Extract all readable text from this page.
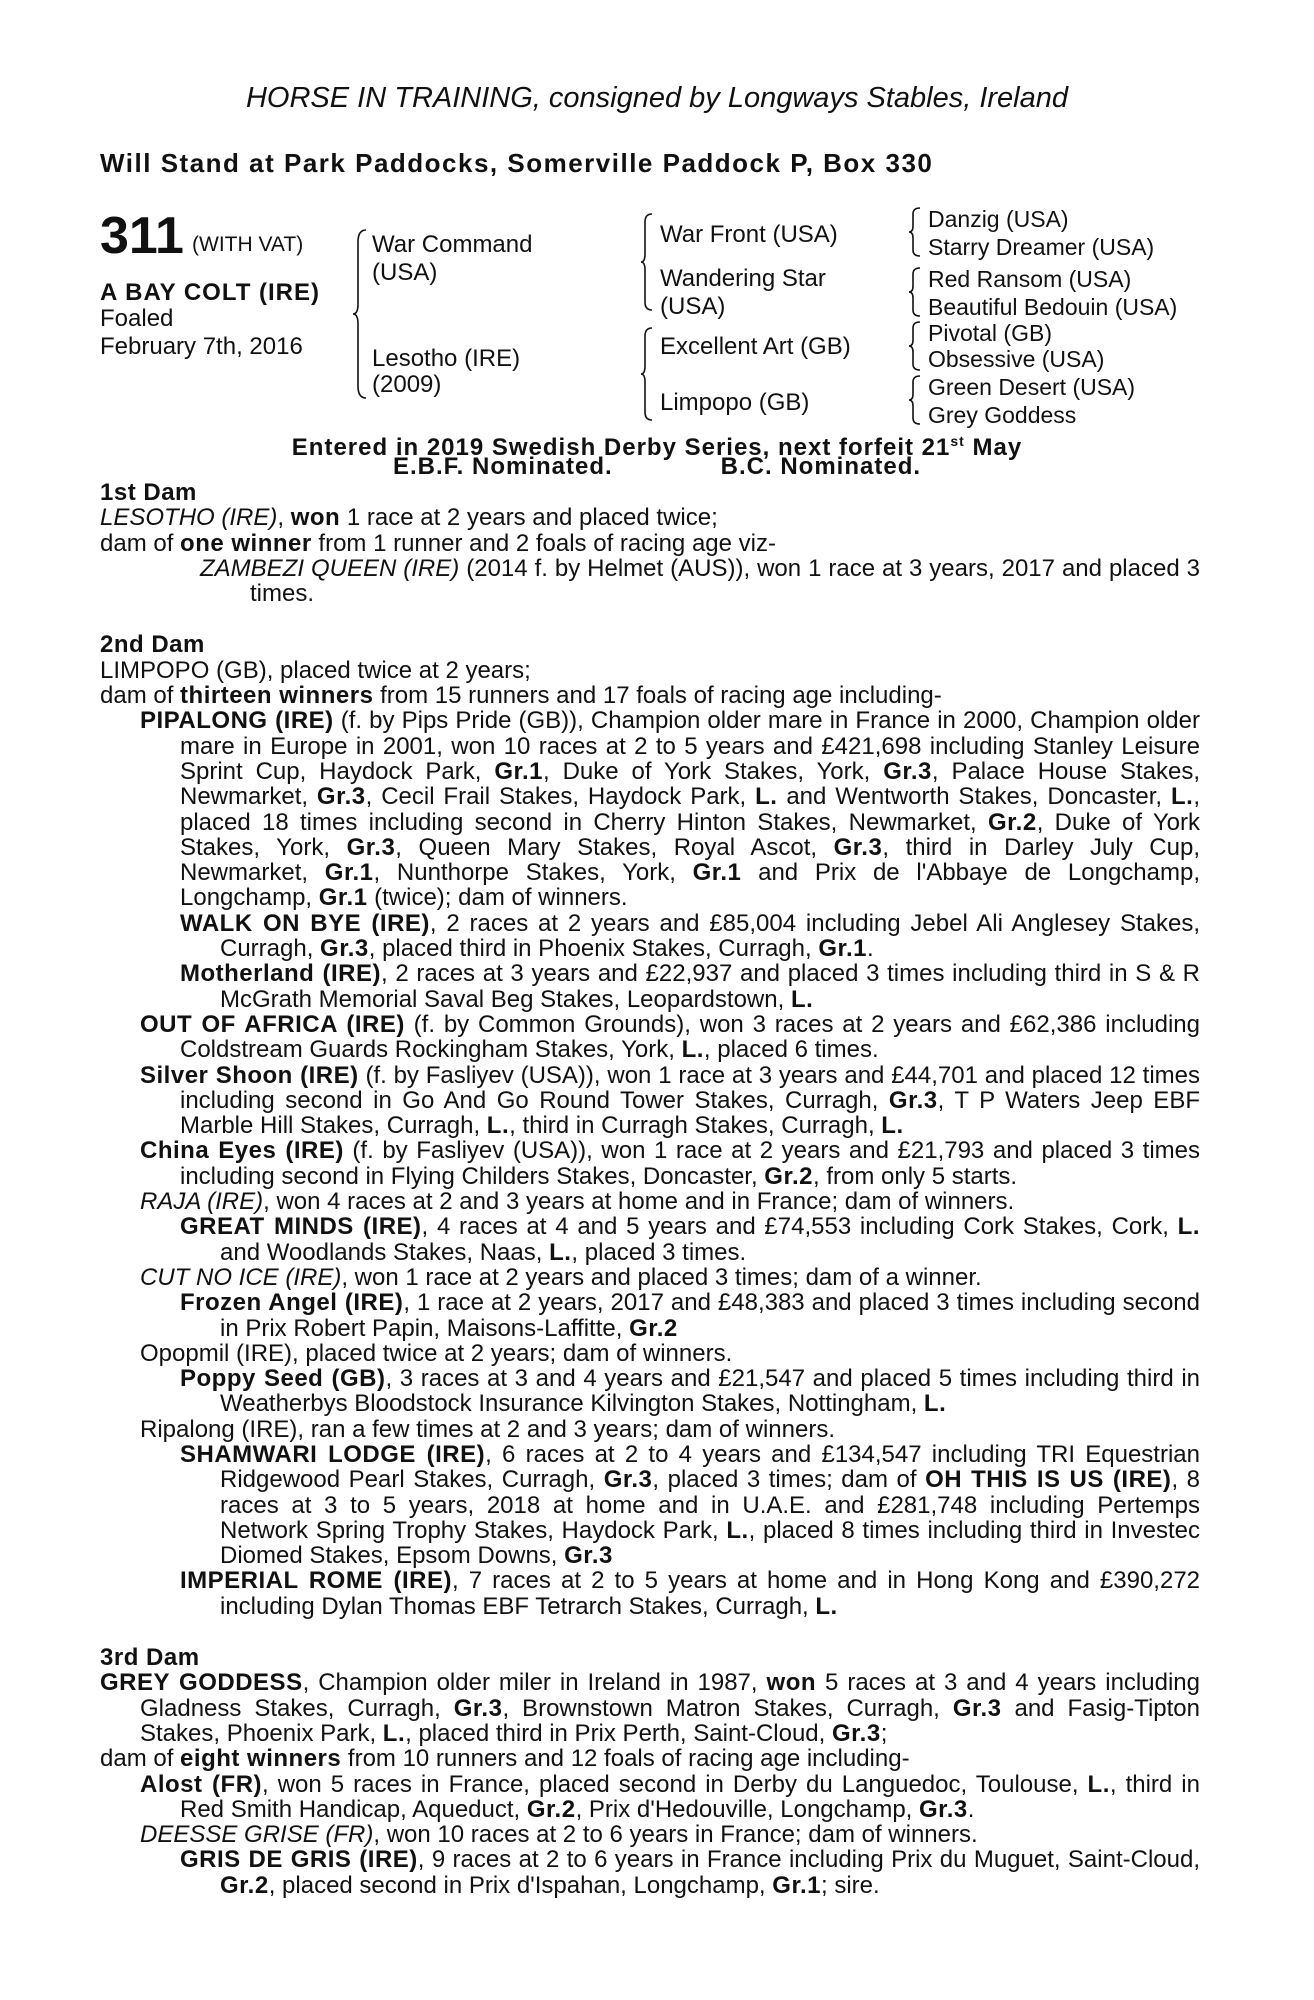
HORSE IN TRAINING, consigned by Longways Stables, Ireland
Will Stand at Park Paddocks, Somerville Paddock P, Box 330
311 (WITH VAT)
A BAY COLT (IRE)
Foaled
February 7th, 2016
War Command
(USA)
Lesotho (IRE)
(2009)
War Front (USA)
Wandering Star
(USA)
Excellent Art (GB)
Limpopo (GB)
Danzig (USA)
Starry Dreamer (USA)
Red Ransom (USA)
Beautiful Bedouin (USA)
Pivotal (GB)
Obsessive (USA)
Green Desert (USA)
Grey Goddess
Entered in 2019 Swedish Derby Series, next forfeit 21st May
E.B.F. Nominated.	B.C. Nominated.
1st Dam
LESOTHO (IRE), won 1 race at 2 years and placed twice;
dam of one winner from 1 runner and 2 foals of racing age viz-
ZAMBEZI QUEEN (IRE) (2014 f. by Helmet (AUS)), won 1 race at 3 years, 2017 and placed 3 times.
2nd Dam
LIMPOPO (GB), placed twice at 2 years;
dam of thirteen winners from 15 runners and 17 foals of racing age including-
PIPALONG (IRE) (f. by Pips Pride (GB)), Champion older mare in France in 2000, Champion older mare in Europe in 2001, won 10 races at 2 to 5 years and £421,698 including Stanley Leisure Sprint Cup, Haydock Park, Gr.1, Duke of York Stakes, York, Gr.3, Palace House Stakes, Newmarket, Gr.3, Cecil Frail Stakes, Haydock Park, L. and Wentworth Stakes, Doncaster, L., placed 18 times including second in Cherry Hinton Stakes, Newmarket, Gr.2, Duke of York Stakes, York, Gr.3, Queen Mary Stakes, Royal Ascot, Gr.3, third in Darley July Cup, Newmarket, Gr.1, Nunthorpe Stakes, York, Gr.1 and Prix de l'Abbaye de Longchamp, Longchamp, Gr.1 (twice); dam of winners.
WALK ON BYE (IRE), 2 races at 2 years and £85,004 including Jebel Ali Anglesey Stakes, Curragh, Gr.3, placed third in Phoenix Stakes, Curragh, Gr.1.
Motherland (IRE), 2 races at 3 years and £22,937 and placed 3 times including third in S & R McGrath Memorial Saval Beg Stakes, Leopardstown, L.
OUT OF AFRICA (IRE) (f. by Common Grounds), won 3 races at 2 years and £62,386 including Coldstream Guards Rockingham Stakes, York, L., placed 6 times.
Silver Shoon (IRE) (f. by Fasliyev (USA)), won 1 race at 3 years and £44,701 and placed 12 times including second in Go And Go Round Tower Stakes, Curragh, Gr.3, T P Waters Jeep EBF Marble Hill Stakes, Curragh, L., third in Curragh Stakes, Curragh, L.
China Eyes (IRE) (f. by Fasliyev (USA)), won 1 race at 2 years and £21,793 and placed 3 times including second in Flying Childers Stakes, Doncaster, Gr.2, from only 5 starts.
RAJA (IRE), won 4 races at 2 and 3 years at home and in France; dam of winners.
GREAT MINDS (IRE), 4 races at 4 and 5 years and £74,553 including Cork Stakes, Cork, L. and Woodlands Stakes, Naas, L., placed 3 times.
CUT NO ICE (IRE), won 1 race at 2 years and placed 3 times; dam of a winner.
Frozen Angel (IRE), 1 race at 2 years, 2017 and £48,383 and placed 3 times including second in Prix Robert Papin, Maisons-Laffitte, Gr.2
Opopmil (IRE), placed twice at 2 years; dam of winners.
Poppy Seed (GB), 3 races at 3 and 4 years and £21,547 and placed 5 times including third in Weatherbys Bloodstock Insurance Kilvington Stakes, Nottingham, L.
Ripalong (IRE), ran a few times at 2 and 3 years; dam of winners.
SHAMWARI LODGE (IRE), 6 races at 2 to 4 years and £134,547 including TRI Equestrian Ridgewood Pearl Stakes, Curragh, Gr.3, placed 3 times; dam of OH THIS IS US (IRE), 8 races at 3 to 5 years, 2018 at home and in U.A.E. and £281,748 including Pertemps Network Spring Trophy Stakes, Haydock Park, L., placed 8 times including third in Investec Diomed Stakes, Epsom Downs, Gr.3
IMPERIAL ROME (IRE), 7 races at 2 to 5 years at home and in Hong Kong and £390,272 including Dylan Thomas EBF Tetrarch Stakes, Curragh, L.
3rd Dam
GREY GODDESS, Champion older miler in Ireland in 1987, won 5 races at 3 and 4 years including Gladness Stakes, Curragh, Gr.3, Brownstown Matron Stakes, Curragh, Gr.3 and Fasig-Tipton Stakes, Phoenix Park, L., placed third in Prix Perth, Saint-Cloud, Gr.3;
dam of eight winners from 10 runners and 12 foals of racing age including-
Alost (FR), won 5 races in France, placed second in Derby du Languedoc, Toulouse, L., third in Red Smith Handicap, Aqueduct, Gr.2, Prix d'Hedouville, Longchamp, Gr.3.
DEESSE GRISE (FR), won 10 races at 2 to 6 years in France; dam of winners.
GRIS DE GRIS (IRE), 9 races at 2 to 6 years in France including Prix du Muguet, Saint-Cloud, Gr.2, placed second in Prix d'Ispahan, Longchamp, Gr.1; sire.
